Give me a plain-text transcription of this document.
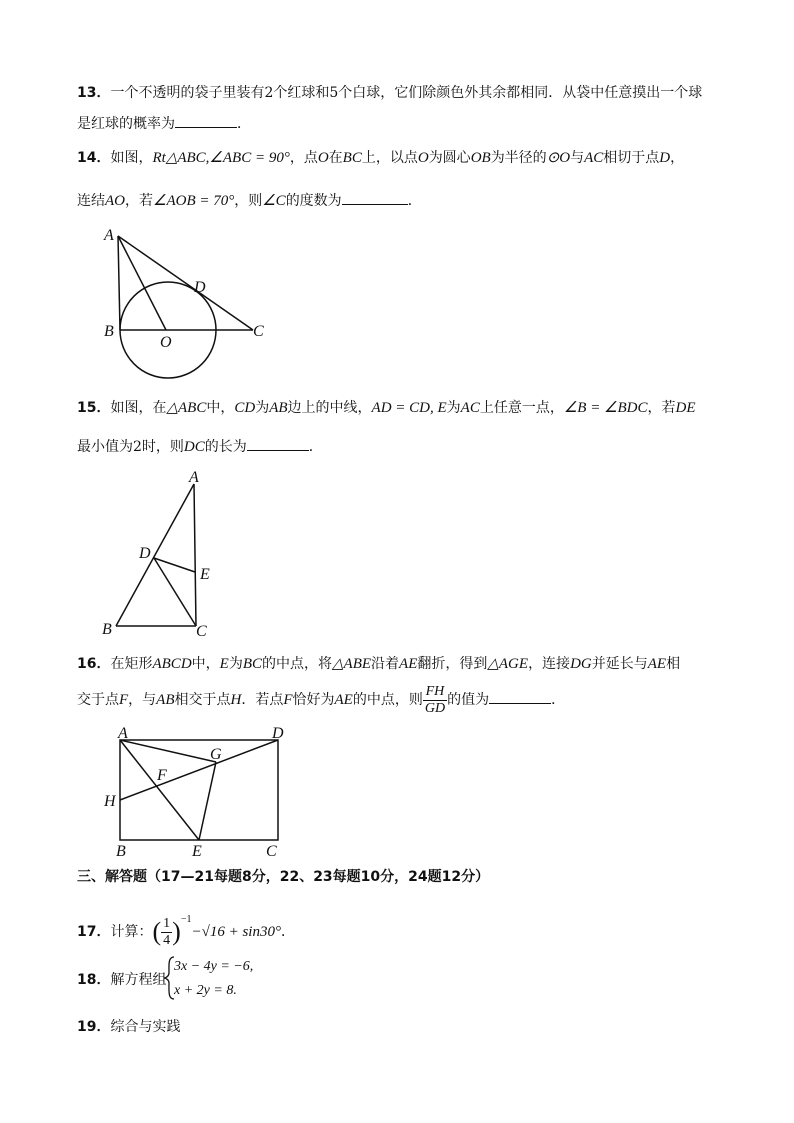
13．一个不透明的袋子里装有2个红球和5个白球，它们除颜色外其余都相同．从袋中任意摸出一个球
是红球的概率为	．
14．如图，Rt△ABC,∠ABC = 90°，点O在BC上，以点O为圆心OB为半径的⊙O与AC相切于点D，
连结AO，若∠AOB = 70°，则∠C的度数为	．
A
B	C
D
O
15．如图，在△ABC中，CD为AB边上的中线，AD = CD, E为AC上任意一点，∠B = ∠BDC，若DE
最小值为2时，则DC的长为	．
A
B	C
D
E
16．在矩形ABCD中，E为BC的中点，将△ABE沿着AE翻折，得到△AGE，连接DG并延长与AE相
交于点F，与AB相交于点H．若点F恰好为AE的中点，则 $\frac{FH}{GD}$ 的值为	．
A	D
B	C
E
H
F
G
三、解答题（17—21每题8分，22、23每题10分，24题12分）
17．计算：( $\frac{1}{4} )^{-1}-√16 + \sin 30^\circ$．
18．解方程组
3x − 4y = −6,
x + 2y = 8.
19．综合与实践
